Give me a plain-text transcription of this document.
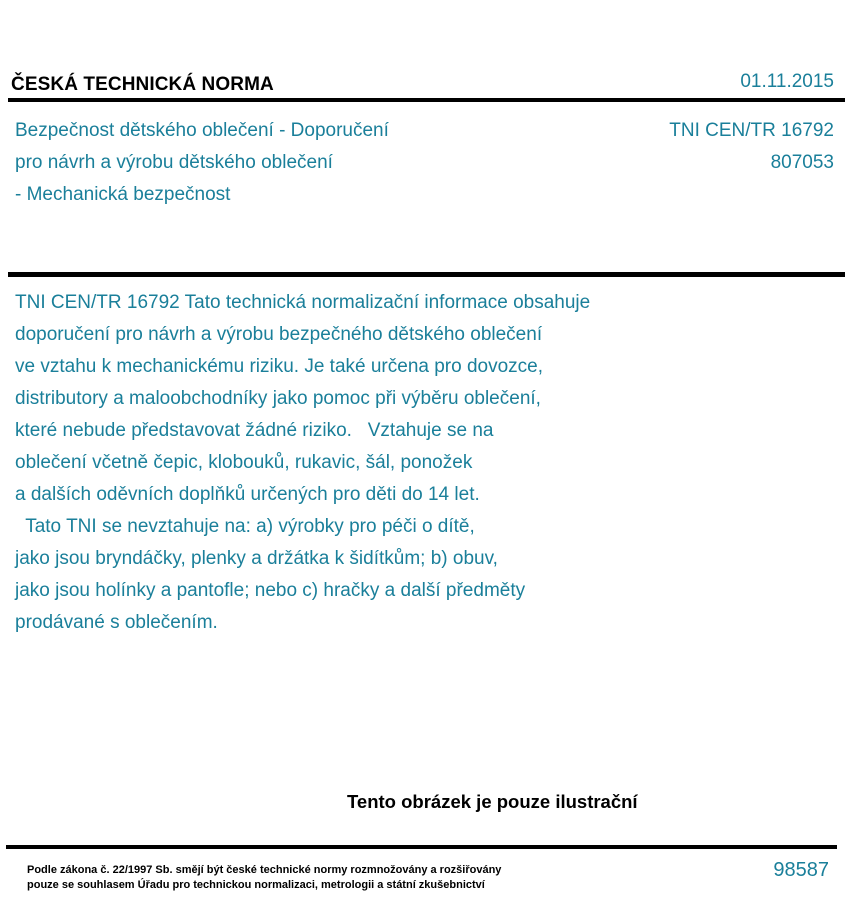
ČESKÁ TECHNICKÁ NORMA	01.11.2015
Bezpečnost dětského oblečení - Doporučení
pro návrh a výrobu dětského oblečení
- Mechanická bezpečnost
TNI CEN/TR 16792
807053
TNI CEN/TR 16792 Tato technická normalizační informace obsahuje
doporučení pro návrh a výrobu bezpečného dětského oblečení
ve vztahu k mechanickému riziku. Je také určena pro dovozce,
distributory a maloobchodníky jako pomoc při výběru oblečení,
které nebude představovat žádné riziko.   Vztahuje se na
oblečení včetně čepic, klobouků, rukavic, šál, ponožek
a dalších oděvních doplňků určených pro děti do 14 let.
Tato TNI se nevztahuje na: a) výrobky pro péči o dítě,
jako jsou bryndáčky, plenky a držátka k šidítkům; b) obuv,
jako jsou holínky a pantofle; nebo c) hračky a další předměty
prodávané s oblečením.
Tento obrázek je pouze ilustrační
Podle zákona č. 22/1997 Sb. smějí být české technické normy rozmnožovány a rozšiřovány
pouze se souhlasem Úřadu pro technickou normalizaci, metrologii a státní zkušebnictví
98587
